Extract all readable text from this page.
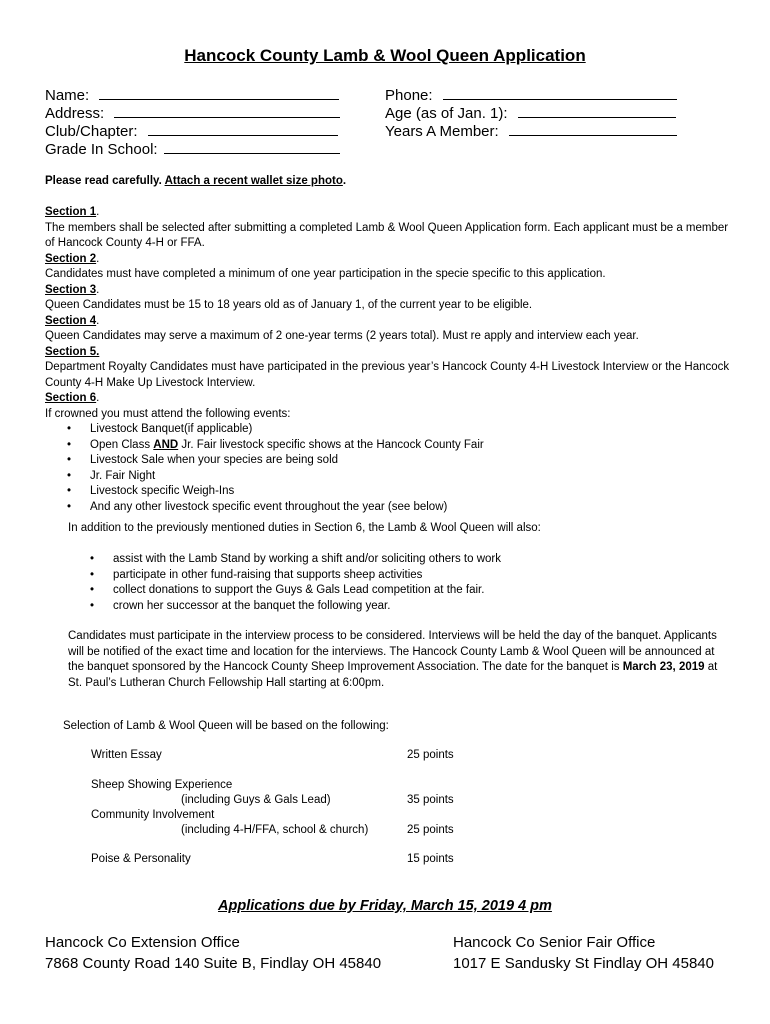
Hancock County Lamb & Wool Queen Application
Name:
Address:
Club/Chapter:
Grade In School:
Phone:
Age (as of Jan. 1):
Years A Member:
Please read carefully. Attach a recent wallet size photo.
Section 1.
The members shall be selected after submitting a completed Lamb & Wool Queen Application form. Each applicant must be a member of Hancock County 4-H or FFA.
Section 2.
Candidates must have completed a minimum of one year participation in the specie specific to this application.
Section 3.
Queen Candidates must be 15 to 18 years old as of January 1, of the current year to be eligible.
Section 4.
Queen Candidates may serve a maximum of 2 one-year terms (2 years total). Must re apply and interview each year.
Section 5.
Department Royalty Candidates must have participated in the previous year’s Hancock County 4-H Livestock Interview or the Hancock County 4-H Make Up Livestock Interview.
Section 6.
If crowned you must attend the following events:
• Livestock Banquet(if applicable)
• Open Class AND Jr. Fair livestock specific shows at the Hancock County Fair
• Livestock Sale when your species are being sold
• Jr. Fair Night
• Livestock specific Weigh-Ins
• And any other livestock specific event throughout the year (see below)
In addition to the previously mentioned duties in Section 6, the Lamb & Wool Queen will also:
• assist with the Lamb Stand by working a shift and/or soliciting others to work
• participate in other fund-raising that supports sheep activities
• collect donations to support the Guys & Gals Lead competition at the fair.
• crown her successor at the banquet the following year.
Candidates must participate in the interview process to be considered. Interviews will be held the day of the banquet. Applicants will be notified of the exact time and location for the interviews. The Hancock County Lamb & Wool Queen will be announced at the banquet sponsored by the Hancock County Sheep Improvement Association. The date for the banquet is March 23, 2019 at St. Paul’s Lutheran Church Fellowship Hall starting at 6:00pm.
Selection of Lamb & Wool Queen will be based on the following:
Written Essay	25 points
Sheep Showing Experience
(including Guys & Gals Lead)	35 points
Community Involvement
(including 4-H/FFA, school & church)	25 points
Poise & Personality	15 points
Applications due by Friday, March 15, 2019 4 pm
Hancock Co Extension Office
7868 County Road 140 Suite B, Findlay OH 45840
Hancock Co Senior Fair Office
1017 E Sandusky St Findlay OH 45840
